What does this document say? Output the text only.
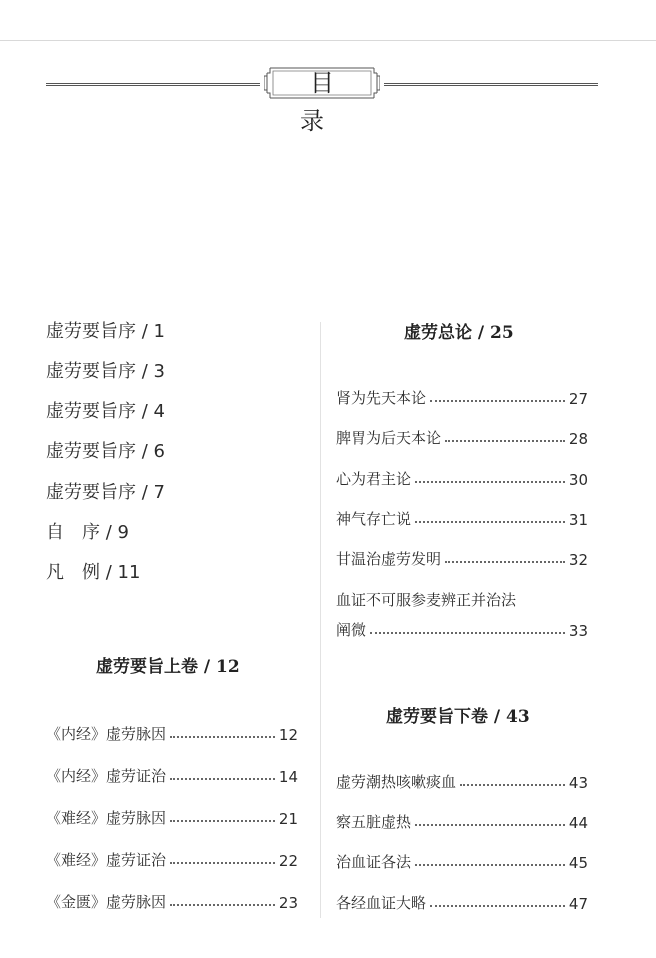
目 录
虚劳要旨序 / 1
虚劳要旨序 / 3
虚劳要旨序 / 4
虚劳要旨序 / 6
虚劳要旨序 / 7
自　序 / 9
凡　例 / 11
虚劳要旨上卷 / 12
《内经》虚劳脉因	12
《内经》虚劳证治	14
《难经》虚劳脉因	21
《难经》虚劳证治	22
《金匮》虚劳脉因	23
虚劳总论 / 25
肾为先天本论	27
脾胃为后天本论	28
心为君主论	30
神气存亡说	31
甘温治虚劳发明	32
血证不可服参麦辨正并治法
阐微	33
虚劳要旨下卷 / 43
虚劳潮热咳嗽痰血	43
察五脏虚热	44
治血证各法	45
各经血证大略	47
